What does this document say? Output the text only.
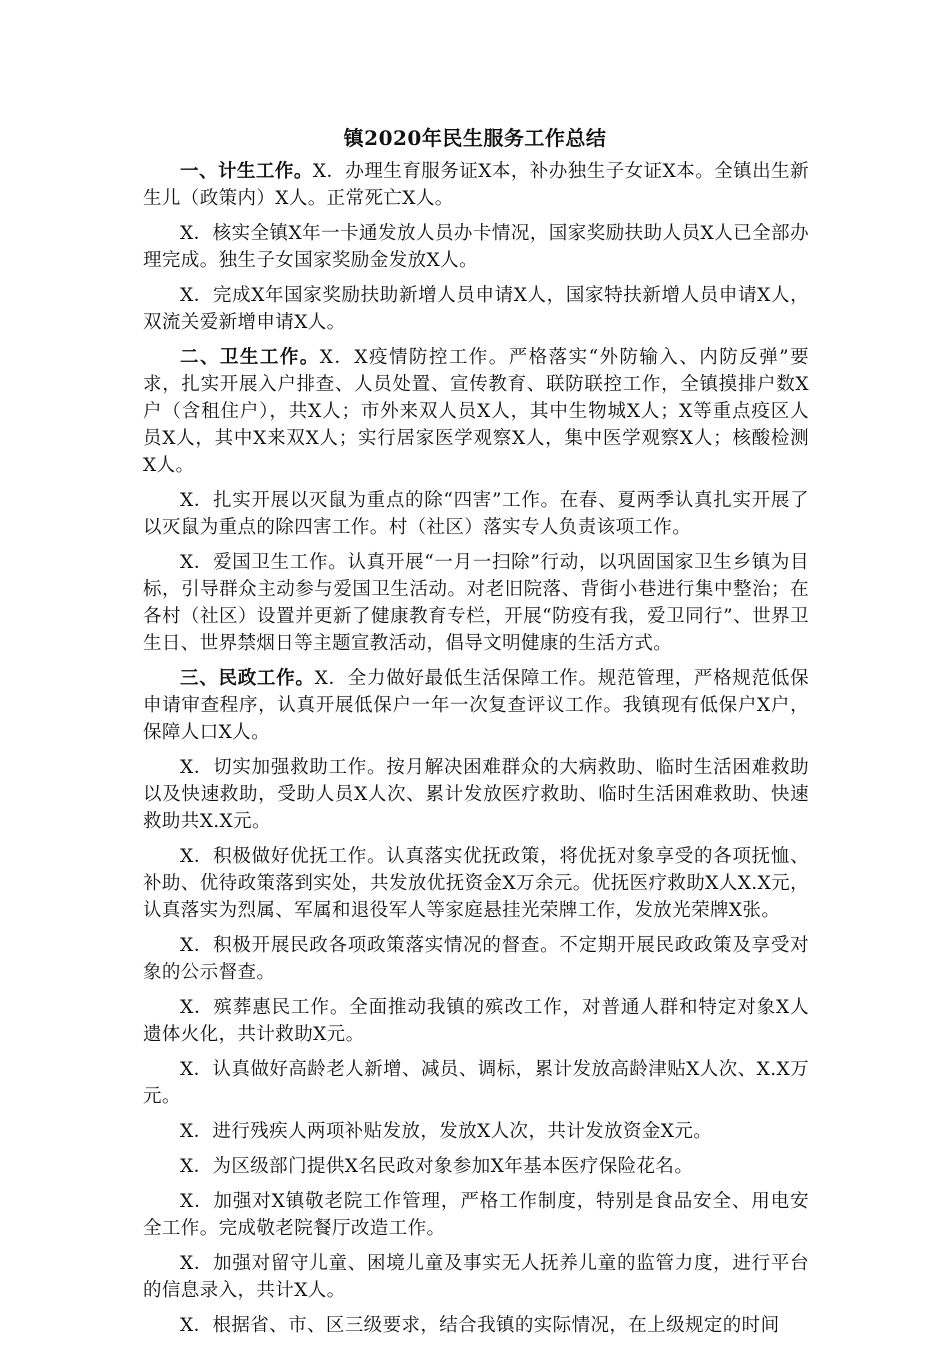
镇2020年民生服务工作总结

一、计生工作。X．办理生育服务证X本，补办独生子女证X本。全镇出生新生儿（政策内）X人。正常死亡X人。

X．核实全镇X年一卡通发放人员办卡情况，国家奖励扶助人员X人已全部办理完成。独生子女国家奖励金发放X人。

X．完成X年国家奖励扶助新增人员申请X人，国家特扶新增人员申请X人，双流关爱新增申请X人。

二、卫生工作。X．X疫情防控工作。严格落实“外防输入、内防反弹”要求，扎实开展入户排查、人员处置、宣传教育、联防联控工作，全镇摸排户数X户（含租住户），共X人；市外来双人员X人，其中生物城X人；X等重点疫区人员X人，其中X来双X人；实行居家医学观察X人，集中医学观察X人；核酸检测X人。

X．扎实开展以灭鼠为重点的除“四害”工作。在春、夏两季认真扎实开展了以灭鼠为重点的除四害工作。村（社区）落实专人负责该项工作。

X．爱国卫生工作。认真开展“一月一扫除”行动，以巩固国家卫生乡镇为目标，引导群众主动参与爱国卫生活动。对老旧院落、背街小巷进行集中整治；在各村（社区）设置并更新了健康教育专栏，开展“防疫有我，爱卫同行”、世界卫生日、世界禁烟日等主题宣教活动，倡导文明健康的生活方式。

三、民政工作。X．全力做好最低生活保障工作。规范管理，严格规范低保申请审查程序，认真开展低保户一年一次复查评议工作。我镇现有低保户X户，保障人口X人。

X．切实加强救助工作。按月解决困难群众的大病救助、临时生活困难救助以及快速救助，受助人员X人次、累计发放医疗救助、临时生活困难救助、快速救助共X.X元。

X．积极做好优抚工作。认真落实优抚政策，将优抚对象享受的各项抚恤、补助、优待政策落到实处，共发放优抚资金X万余元。优抚医疗救助X人X.X元，认真落实为烈属、军属和退役军人等家庭悬挂光荣牌工作，发放光荣牌X张。

X．积极开展民政各项政策落实情况的督查。不定期开展民政政策及享受对象的公示督查。

X．殡葬惠民工作。全面推动我镇的殡改工作，对普通人群和特定对象X人遗体火化，共计救助X元。

X．认真做好高龄老人新增、减员、调标，累计发放高龄津贴X人次、X.X万元。

X．进行残疾人两项补贴发放，发放X人次，共计发放资金X元。

X．为区级部门提供X名民政对象参加X年基本医疗保险花名。

X．加强对X镇敬老院工作管理，严格工作制度，特别是食品安全、用电安全工作。完成敬老院餐厅改造工作。

X．加强对留守儿童、困境儿童及事实无人抚养儿童的监管力度，进行平台的信息录入，共计X人。

X．根据省、市、区三级要求，结合我镇的实际情况，在上级规定的时间
